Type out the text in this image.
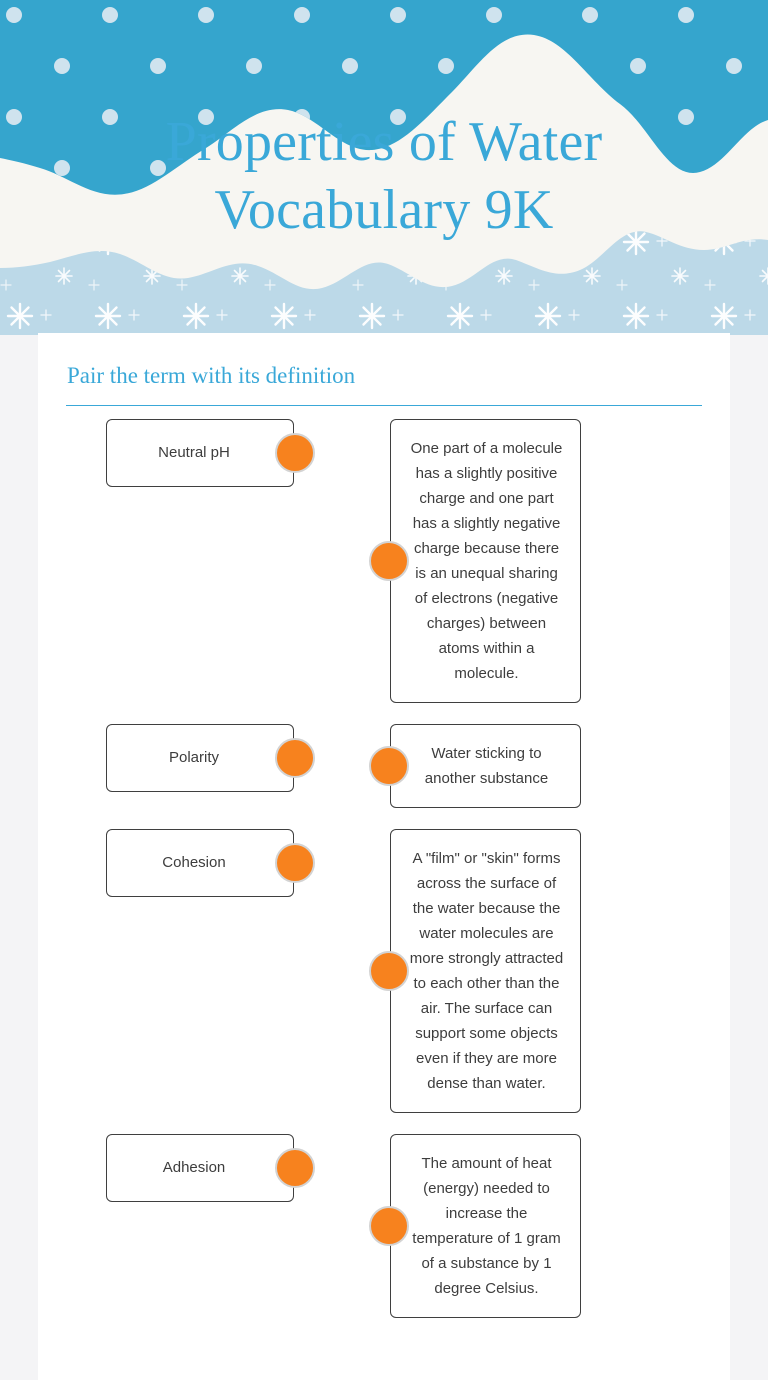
Properties of Water
Vocabulary 9K
Pair the term with its definition
Neutral pH	One part of a molecule has a slightly positive charge and one part has a slightly negative charge because there is an unequal sharing of electrons (negative charges) between atoms within a molecule.
Polarity	Water sticking to another substance
Cohesion	A "film" or "skin" forms across the surface of the water because the water molecules are more strongly attracted to each other than the air. The surface can support some objects even if they are more dense than water.
Adhesion	The amount of heat (energy) needed to increase the temperature of 1 gram of a substance by 1 degree Celsius.
